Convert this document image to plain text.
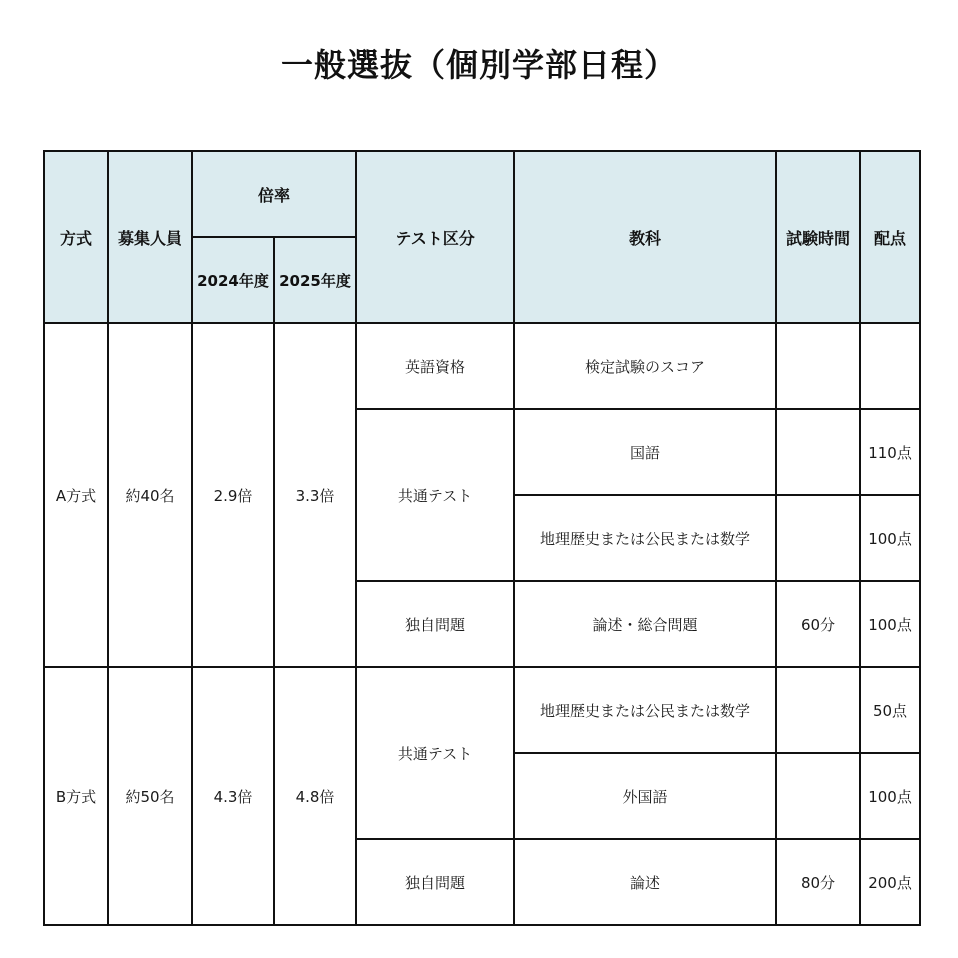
一般選抜（個別学部日程）
方式	募集人員	倍率		テスト区分	教科	試験時間	配点
		2024年度	2025年度				
A方式	約40名	2.9倍	3.3倍	英語資格	検定試験のスコア		
				共通テスト	国語		110点
					地理歴史または公民または数学		100点
				独自問題	論述・総合問題	60分	100点
B方式	約50名	4.3倍	4.8倍	共通テスト	地理歴史または公民または数学		50点
					外国語		100点
				独自問題	論述	80分	200点
